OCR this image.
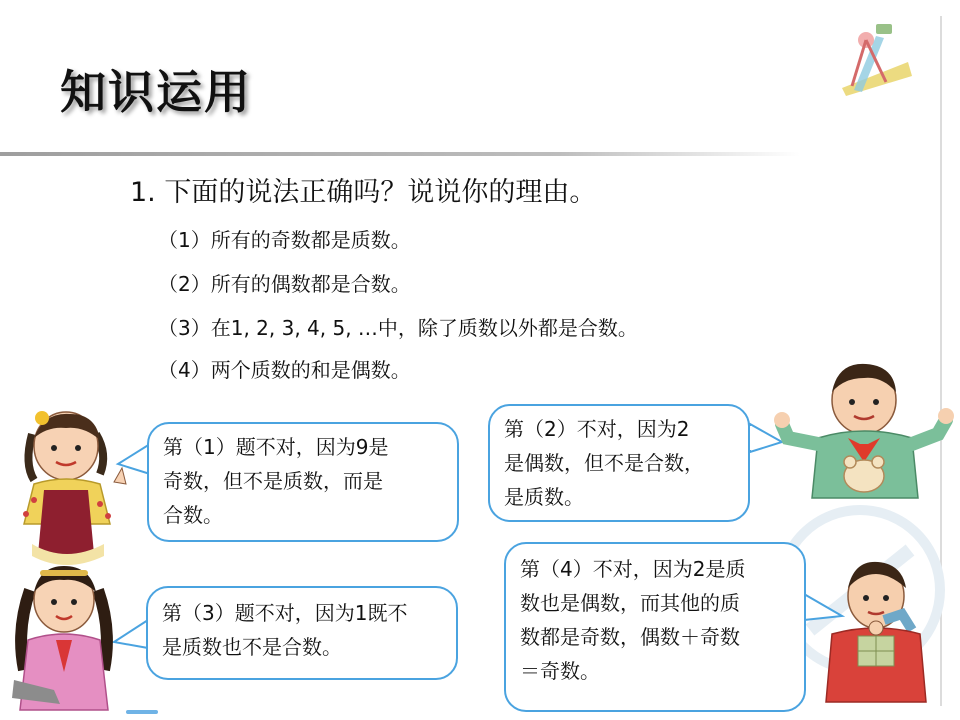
知识运用
1. 下面的说法正确吗？说说你的理由。
（1）所有的奇数都是质数。
（2）所有的偶数都是合数。
（3）在1, 2, 3, 4, 5, …中，除了质数以外都是合数。
（4）两个质数的和是偶数。

第（1）题不对，因为9是

奇数，但不是质数，而是

合数。

第（2）不对，因为2

是偶数，但不是合数，

是质数。

第（3）题不对，因为1既不

是质数也不是合数。

第（4）不对，因为2是质

数也是偶数，而其他的质

数都是奇数，偶数＋奇数

＝奇数。
